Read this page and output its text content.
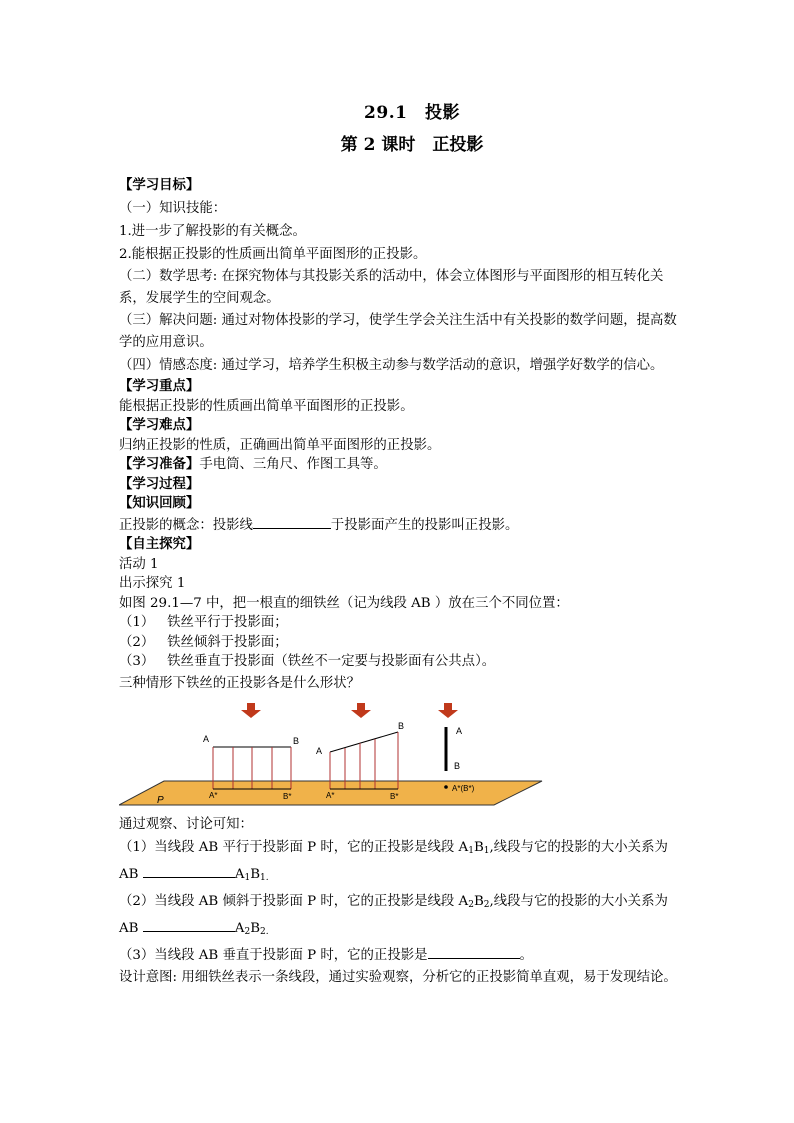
29.1　投影
第 2 课时　正投影
【学习目标】
（一）知识技能：
1.进一步了解投影的有关概念。
2.能根据正投影的性质画出简单平面图形的正投影。
（二）数学思考: 在探究物体与其投影关系的活动中，体会立体图形与平面图形的相互转化关系，发展学生的空间观念。
（三）解决问题: 通过对物体投影的学习，使学生学会关注生活中有关投影的数学问题，提高数学的应用意识。
（四）情感态度: 通过学习，培养学生积极主动参与数学活动的意识，增强学好数学的信心。
【学习重点】
能根据正投影的性质画出简单平面图形的正投影。
【学习难点】
归纳正投影的性质，正确画出简单平面图形的正投影。
【学习准备】手电筒、三角尺、作图工具等。
【学习过程】
【知识回顾】
正投影的概念：投影线	于投影面产生的投影叫正投影。
【自主探究】
活动 1
出示探究 1
如图 29.1—7 中，把一根直的细铁丝（记为线段 AB ）放在三个不同位置：
（1） 铁丝平行于投影面；
（2） 铁丝倾斜于投影面；
（3） 铁丝垂直于投影面（铁丝不一定要与投影面有公共点）。
三种情形下铁丝的正投影各是什么形状？
P
A	B
A*	B*
A
B
A*	B*
A
B
A*(B*)
通过观察、讨论可知：
（1）当线段 AB 平行于投影面 P 时，它的正投影是线段 $A_1B_1$,线段与它的投影的大小关系为
AB	$A_1B_{1.}$
（2）当线段 AB 倾斜于投影面 P 时，它的正投影是线段 $A_2B_2$,线段与它的投影的大小关系为
AB	$A_2B_{2.}$
（3）当线段 AB 垂直于投影面 P 时，它的正投影是	。
设计意图: 用细铁丝表示一条线段，通过实验观察，分析它的正投影简单直观，易于发现结论。
